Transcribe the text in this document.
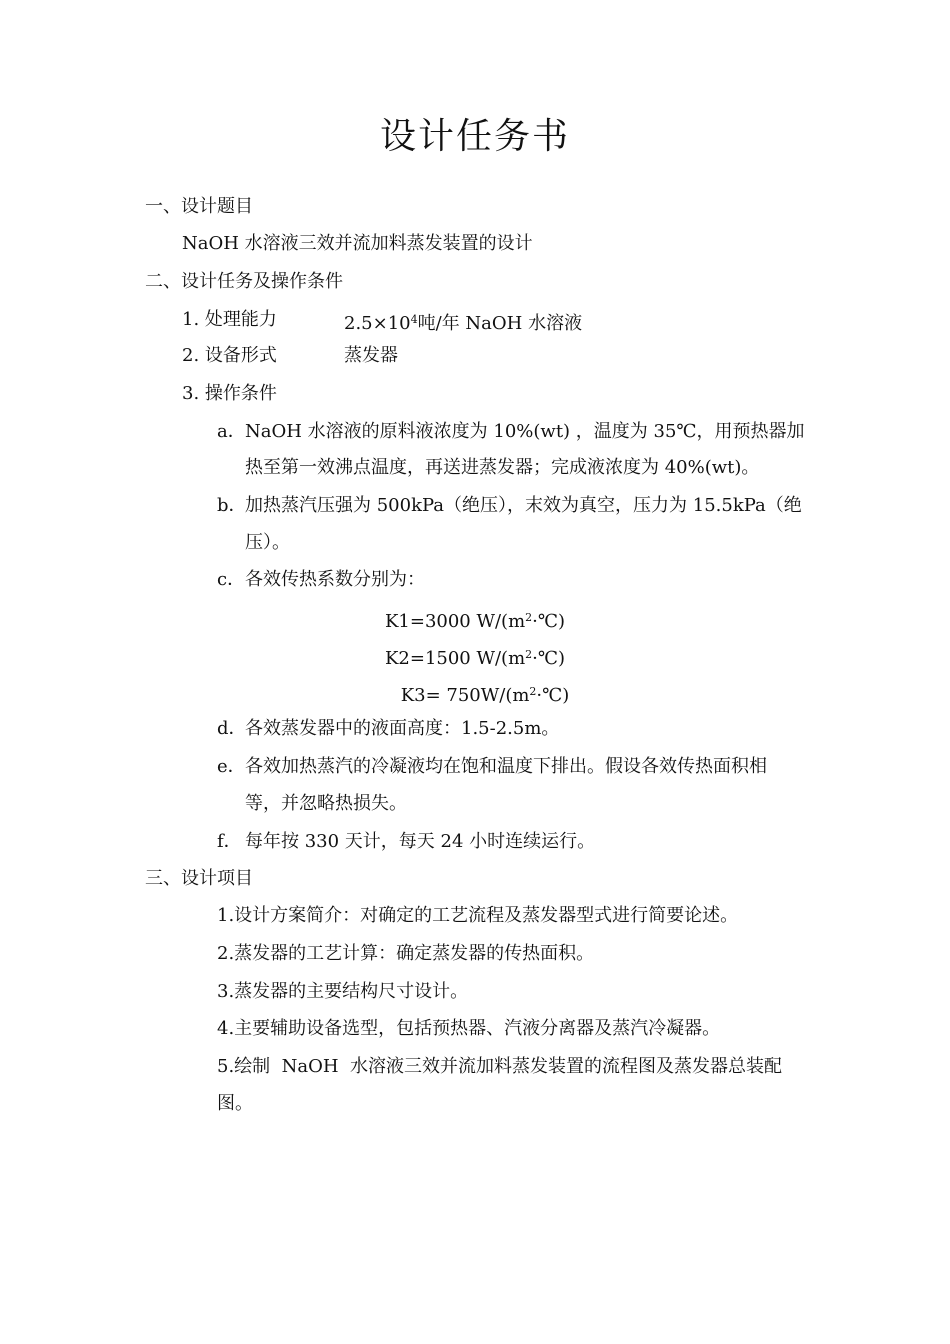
设计任务书
一、设计题目
NaOH 水溶液三效并流加料蒸发装置的设计
二、设计任务及操作条件
1. 处理能力	$2.5\times 10^4$吨/年 NaOH 水溶液
2. 设备形式	蒸发器
3. 操作条件
a． NaOH 水溶液的原料液浓度为 10%(wt) ，温度为 35℃，用预热器加
热至第一效沸点温度，再送进蒸发器；完成液浓度为 40%(wt)。
b．
加热蒸汽压强为 500kPa（绝压），末效为真空，压力为 15.5kPa（绝
压）。
c． 各效传热系数分别为：
K1=3000 $W/(m^2\cdot℃)$
K2=1500 $W/(m^2\cdot℃)$
$K3= 750W/(m^2\cdot℃)$
d．
各效蒸发器中的液面高度：1.5-2.5m。
e． 各效加热蒸汽的冷凝液均在饱和温度下排出。假设各效传热面积相
等，并忽略热损失。
f． 每年按 330 天计，每天 24 小时连续运行。
三、设计项目
1.设计方案简介：对确定的工艺流程及蒸发器型式进行简要论述。
2.蒸发器的工艺计算：确定蒸发器的传热面积。
3.蒸发器的主要结构尺寸设计。
4.主要辅助设备选型，包括预热器、汽液分离器及蒸汽冷凝器。
5.绘制  NaOH  水溶液三效并流加料蒸发装置的流程图及蒸发器总装配
图。
